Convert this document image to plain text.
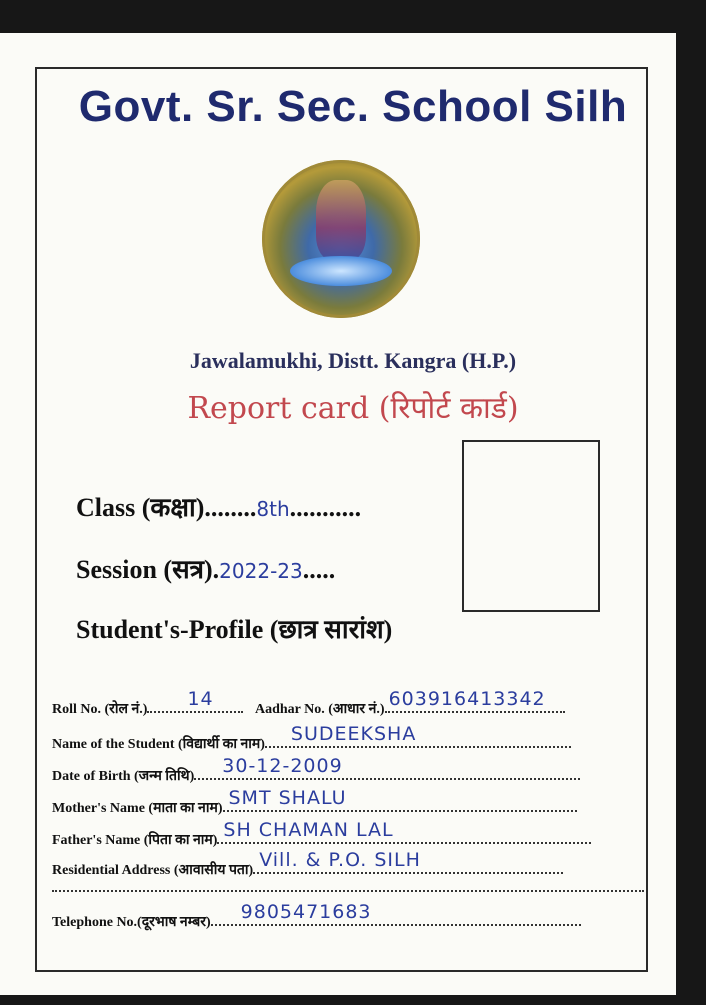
Govt. Sr. Sec. School Silh
Jawalamukhi, Distt. Kangra (H.P.)
Report card (रिपोर्ट कार्ड)
Class (कक्षा)........8th...........
Session (सत्र).2022-23.....
Student's-Profile (छात्र सारांश)
Roll No. (रोल नं.) 14	Aadhar No. (आधार नं.) 603916413342
Name of the Student (विद्यार्थी का नाम) SUDEEKSHA
Date of Birth (जन्म तिथि) 30-12-2009
Mother's Name (माता का नाम) SMT SHALU
Father's Name (पिता का नाम) SH CHAMAN LAL
Residential Address (आवासीय पता) Vill. & P.O. SILH
Telephone No.(दूरभाष नम्बर) 9805471683
